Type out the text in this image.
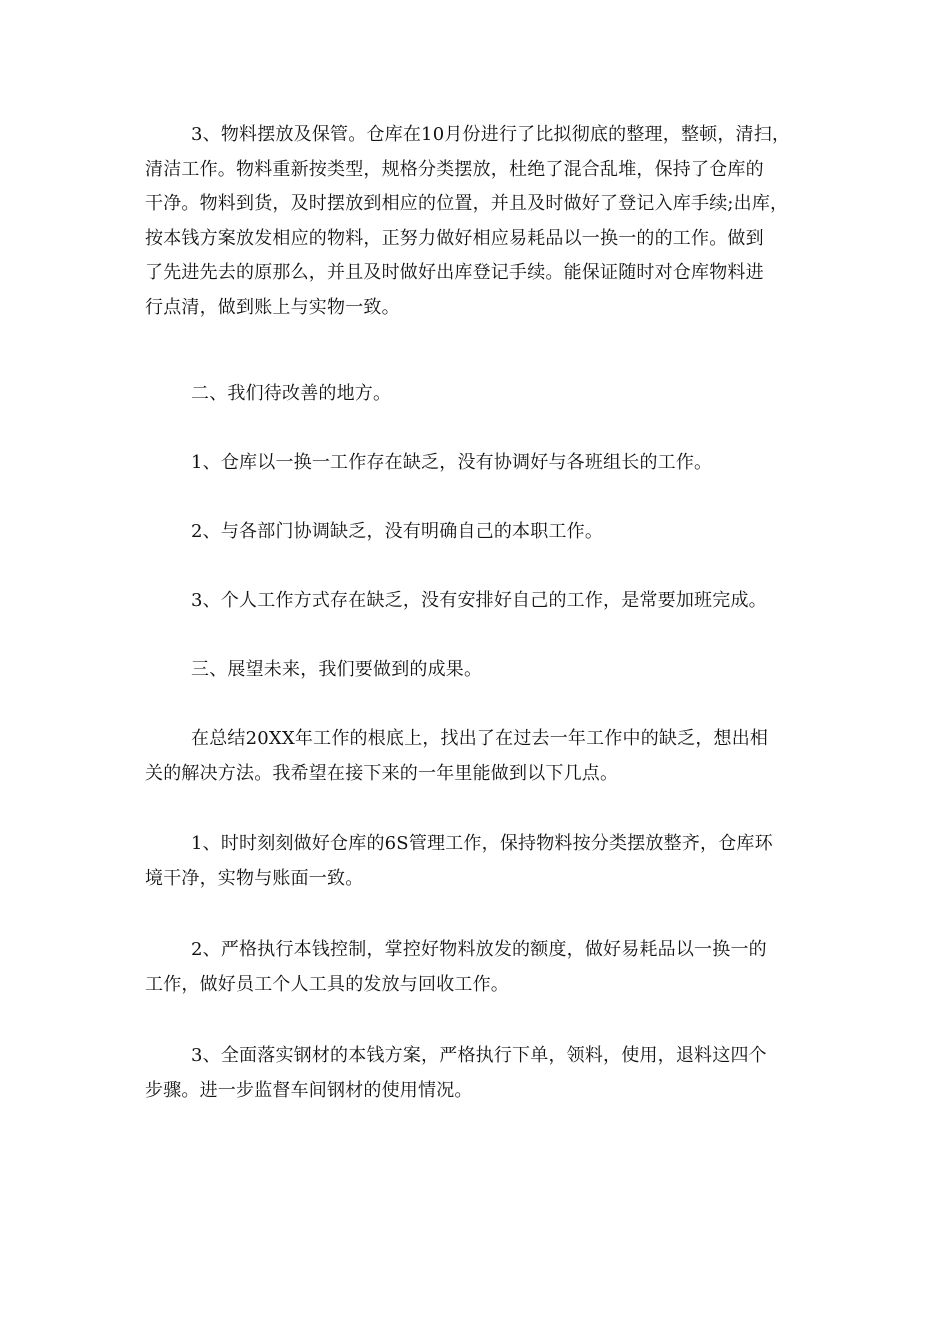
3、物料摆放及保管。仓库在10月份进行了比拟彻底的整理，整顿，清扫，
清洁工作。物料重新按类型，规格分类摆放，杜绝了混合乱堆，保持了仓库的
干净。物料到货，及时摆放到相应的位置，并且及时做好了登记入库手续;出库，
按本钱方案放发相应的物料，正努力做好相应易耗品以一换一的的工作。做到
了先进先去的原那么，并且及时做好出库登记手续。能保证随时对仓库物料进
行点清，做到账上与实物一致。

二、我们待改善的地方。

1、仓库以一换一工作存在缺乏，没有协调好与各班组长的工作。

2、与各部门协调缺乏，没有明确自己的本职工作。

3、个人工作方式存在缺乏，没有安排好自己的工作，是常要加班完成。

三、展望未来，我们要做到的成果。

在总结20XX年工作的根底上，找出了在过去一年工作中的缺乏，想出相
关的解决方法。我希望在接下来的一年里能做到以下几点。

1、时时刻刻做好仓库的6S管理工作，保持物料按分类摆放整齐，仓库环
境干净，实物与账面一致。

2、严格执行本钱控制，掌控好物料放发的额度，做好易耗品以一换一的
工作，做好员工个人工具的发放与回收工作。

3、全面落实钢材的本钱方案，严格执行下单，领料，使用，退料这四个
步骤。进一步监督车间钢材的使用情况。
